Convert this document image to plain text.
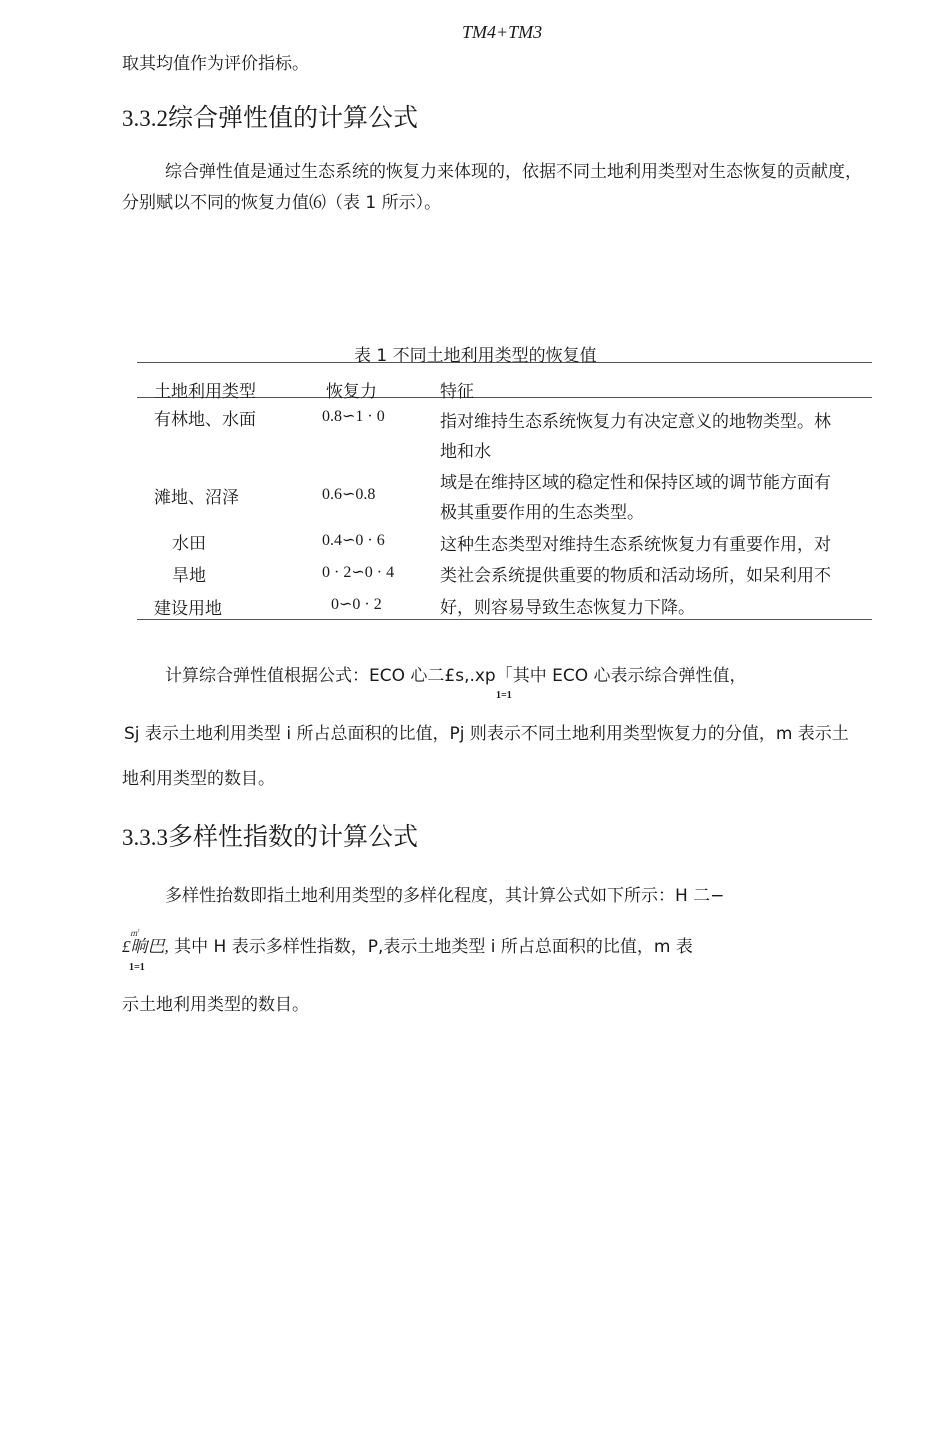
TM4+TM3
取其均值作为评价指标。
3.3.2综合弹性值的计算公式
综合弹性值是通过生态系统的恢复力来体现的，依据不同土地利用类型对生态恢复的贡献度，
分别赋以不同的恢复力值⑹（表 1 所示）。
表 1 不同土地利用类型的恢复值
土地利用类型	恢复力	特征
有林地、水面
滩地、沼泽
水田
旱地
建设用地
0.8∽1 · 0
0.6∽0.8
0.4∽0 · 6
0 · 2∽0 · 4
0∽0 · 2
指对维持生态系统恢复力有决定意义的地物类型。林
地和水
域是在维持区域的稳定性和保持区域的调节能方面有
极其重要作用的生态类型。
这种生态类型对维持生态系统恢复力有重要作用，对
类社会系统提供重要的物质和活动场所，如呆利用不
好，则容易导致生态恢复力下降。
计算综合弹性值根据公式：ECO 心二£s,.xp「其中 ECO 心表示综合弹性值，
1=1
Sj 表示土地利用类型 i 所占总面积的比值，Pj 则表示不同土地利用类型恢复力的分值，m 表示土
地利用类型的数目。
3.3.3多样性指数的计算公式
多样性抬数即指土地利用类型的多样化程度，其计算公式如下所示：H 二−
㎡
£晌巴, 其中 H 表示多样性指数，P,表示土地类型 i 所占总面积的比值，m 表
1=1
示土地利用类型的数目。
